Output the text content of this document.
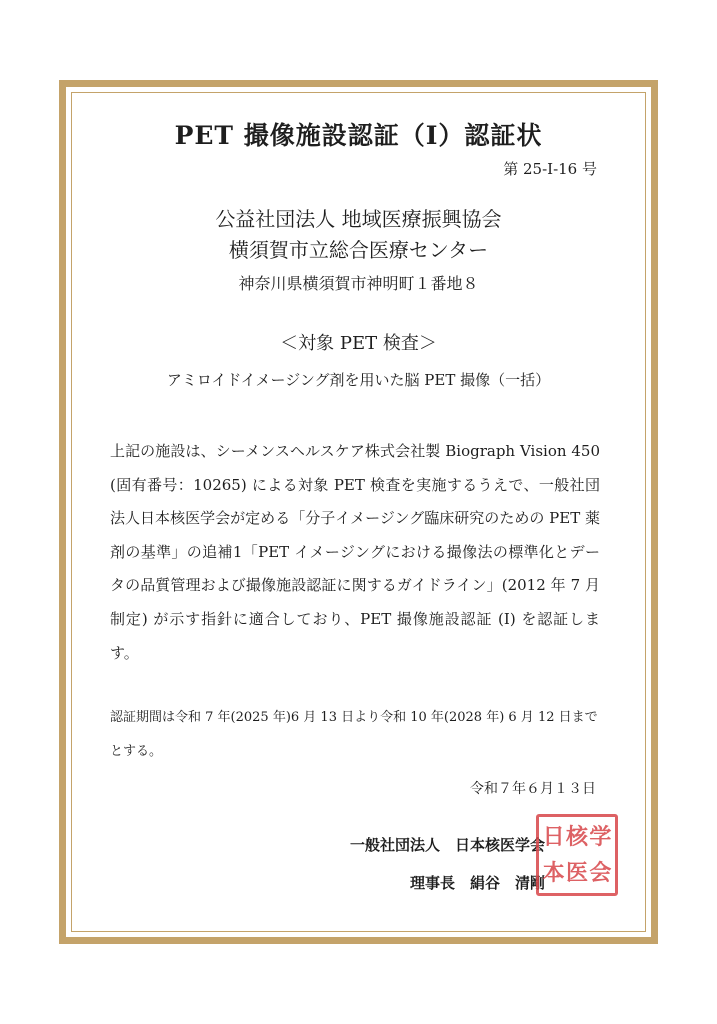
PET 撮像施設認証（I）認証状
第 25-I-16 号
公益社団法人 地域医療振興協会
横須賀市立総合医療センター
神奈川県横須賀市神明町１番地８
＜対象 PET 検査＞
アミロイドイメージング剤を用いた脳 PET 撮像（一括）
上記の施設は、シーメンスヘルスケア株式会社製 Biograph Vision 450 (固有番号：10265) による対象 PET 検査を実施するうえで、一般社団法人日本核医学会が定める「分子イメージング臨床研究のための PET 薬剤の基準」の追補1「PET イメージングにおける撮像法の標準化とデータの品質管理および撮像施設認証に関するガイドライン」(2012 年 7 月制定) が示す指針に適合しており、PET 撮像施設認証 (I) を認証します。
認証期間は令和 7 年(2025 年)6 月 13 日より令和 10 年(2028 年) 6 月 12 日までとする。
令和７年６月１３日
一般社団法人　日本核医学会
理事長　絹谷　清剛
日 核 学
本 医 会
